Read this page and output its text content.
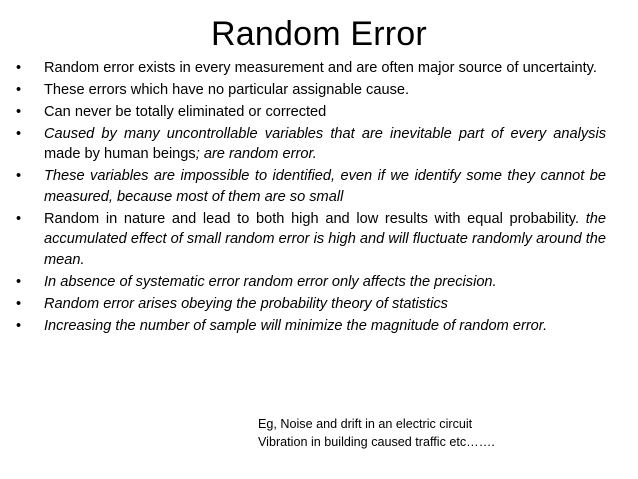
Random Error
•	Random error exists in every measurement and are often major source of uncertainty.
•	These errors which have no particular assignable cause.
•	Can never be totally eliminated or corrected
•	Caused by many uncontrollable variables that are inevitable part of every analysis made by human beings; are random error.
•	These variables are impossible to identified, even if we identify some they cannot be measured, because most of them are so small
•	Random in nature and lead to both high and low results with equal probability. the accumulated effect of small random error is high and will fluctuate randomly around the mean.
•	In absence of systematic error random error only affects the precision.
•	Random error arises obeying the probability theory of statistics
•	Increasing the number of sample will minimize the magnitude of random error.
Eg, Noise and drift in an electric circuit
Vibration in building caused traffic etc…….
